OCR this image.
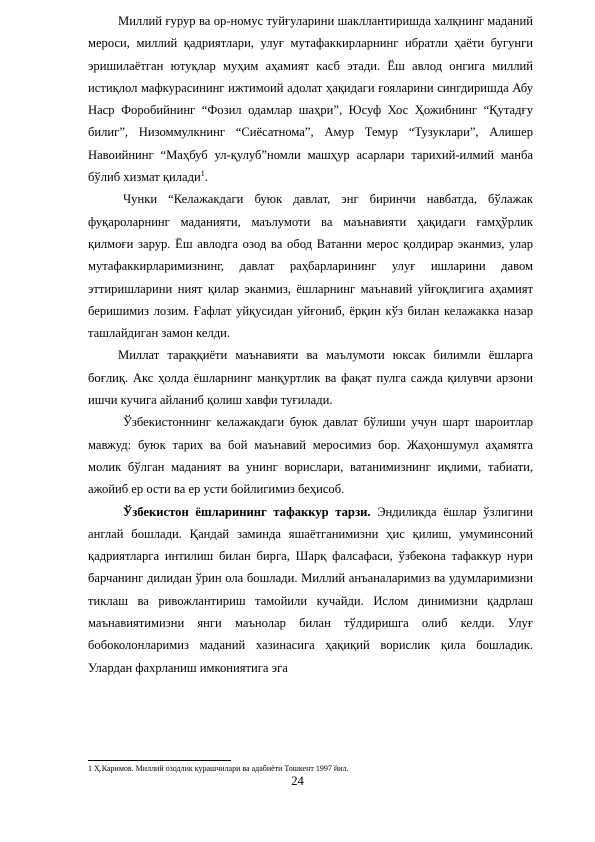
Миллий ғурур ва ор-номус туйғуларини шакллантиришда халқнинг маданий мероси, миллий қадриятлари, улуғ мутафаккирларнинг ибратли ҳаёти бугунги эришилаётган ютуқлар муҳим аҳамият касб этади. Ёш авлод онгига миллий истиқлол мафкурасининг ижтимоий адолат ҳақидаги ғояларини сингдиришда Абу Наср Форобийнинг “Фозил одамлар шаҳри”, Юсуф Хос Ҳожибнинг “Қутадғу билиг”, Низоммулкнинг “Сиёсатнома”, Амур Темур “Тузуклари”, Алишер Навоийнинг “Маҳбуб ул-қулуб”номли машҳур асарлари тарихий-илмий манба бўлиб хизмат қилади$^1$.

Чунки “Келажакдаги буюк давлат, энг биринчи навбатда, бўлажак фуқароларнинг маданияти, маълумоти ва маънавияти ҳақидаги ғамҳўрлик қилмоғи зарур. Ёш авлодга озод ва обод Ватанни мерос қолдирар эканмиз, улар мутафаккирларимизнинг, давлат раҳбарларининг улуғ ишларини давом эттиришларини ният қилар эканмиз, ёшларнинг маънавий уйғоқлигига аҳамият беришимиз лозим. Ғафлат уйқусидан уйғониб, ёрқин кўз билан келажакка назар ташлайдиган замон келди.

Миллат тараққиёти маънавияти ва маълумоти юксак билимли ёшларга боғлиқ. Акс ҳолда ёшларнинг манқуртлик ва фақат пулга сажда қилувчи арзони ишчи кучига айланиб қолиш хавфи туғилади.

Ўзбекистоннинг келажакдаги буюк давлат бўлиши учун шарт шароитлар мавжуд: буюк тарих ва бой маънавий меросимиз бор. Жаҳоншумул аҳамятга молик бўлган маданият ва унинг ворислари, ватанимизнинг иқлими, табиати, ажойиб ер ости ва ер усти бойлигимиз беҳисоб.

Ўзбекистон ёшларининг тафаккур тарзи. Эндиликда ёшлар ўзлигини англай бошлади. Қандай заминда яшаётганимизни ҳис қилиш, умуминсоний қадриятларга интилиш билан бирга, Шарқ фалсафаси, ўзбекона тафаккур нури барчанинг дилидан ўрин ола бошлади. Миллий анъаналаримиз ва удумларимизни тиклаш ва ривожлантириш тамойили кучайди. Ислом динимизни қадрлаш маънавиятимизни янги маънолар билан тўлдиришга олиб келди. Улуғ бобоколонларимиз маданий хазинасига ҳақиқий ворислик қила бошладик. Улардан фахрланиш имкониятига эга

1 Ҳ.Каримов. Миллий озодлик курашчилари ва адабиёти Тошкент 1997 йил.
24
